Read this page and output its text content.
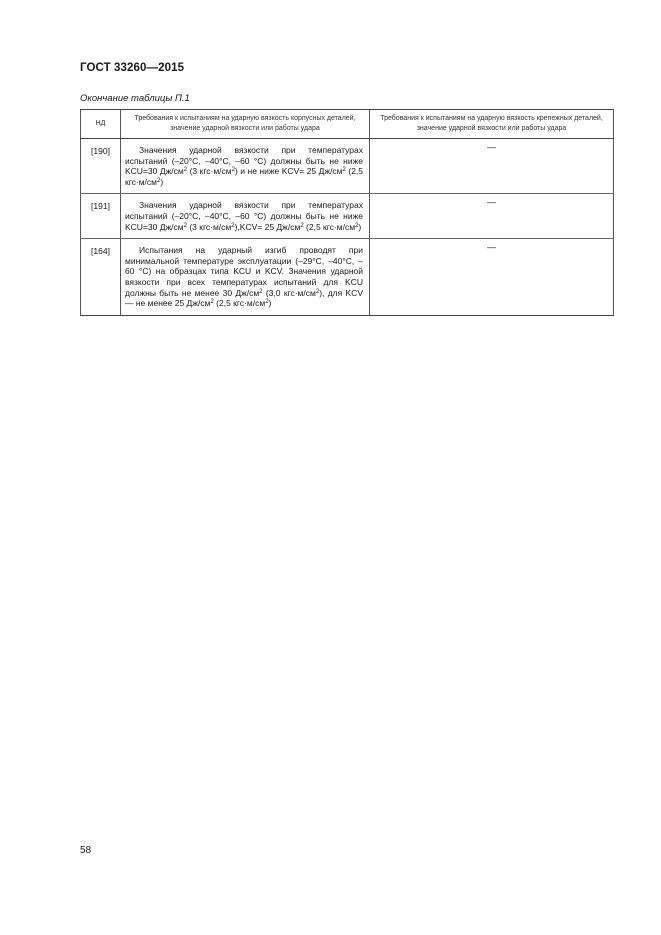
ГОСТ 33260—2015
Окончание таблицы П.1
НД	Требования к испытаниям на ударную вязкость корпусных деталей, значение ударной вязкости или работы удара	Требования к испытаниям на ударную вязкость крепежных деталей, значение ударной вязкости или работы удара
[190]	Значения ударной вязкости при температурах испытаний (–20°C, –40°C, –60 °C) должны быть не ниже KCU=30 $Дж/см^2$ (3 $кгс\cdot м/см^2$) и не ниже KCV= 25 $Дж/см^2$ (2,5 $кгс\cdot м/см^2$)	—
[191]	Значения ударной вязкости при температурах испытаний (–20°C, –40°C, –60 °C) должны быть не ниже KCU=30 $Дж/см^2$ (3 $кгс\cdot м/см^2),KCV= 25$ $Дж/см^2$ (2,5 $кгс\cdot м/см^2$)	—
[164]	Испытания на ударный изгиб проводят при минимальной температуре эксплуатации (–29°C, –40°C, –60 °C) на образцах типа KCU и KCV. Значения ударной вязкости при всех температурах испытаний для KCU должны быть не менее 30 $Дж/см^2$ (3,0 $кгс\cdot м/см^2$), для KCV — не менее 25 $Дж/см^2$ (2,5 $кгс\cdot м/см^2$)	—
58
